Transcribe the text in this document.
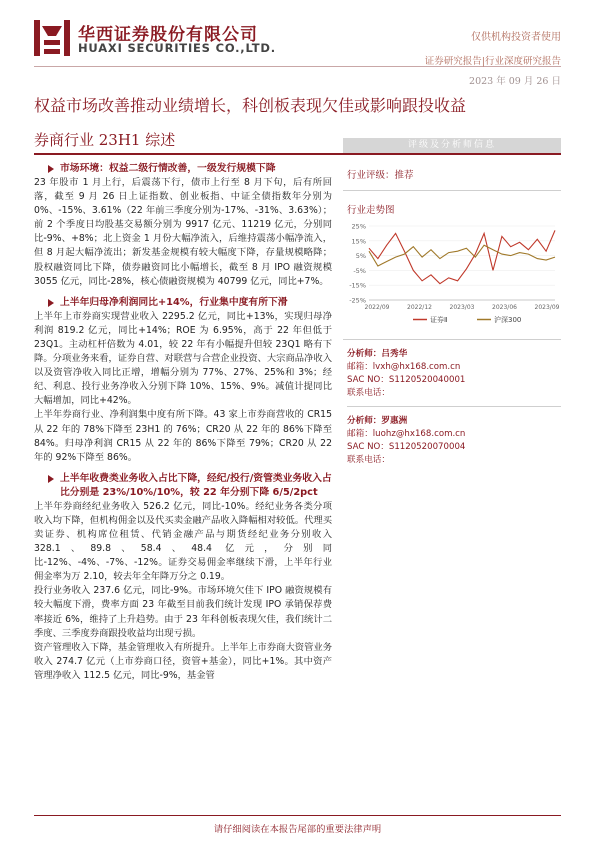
华西证券股份有限公司
HUAXI SECURITIES CO.,LTD.
仅供机构投资者使用
证券研究报告|行业深度研究报告
2023 年 09 月 26 日
权益市场改善推动业绩增长，科创板表现欠佳或影响跟投收益
券商行业 23H1 综述
市场环境：权益二级行情改善，一级发行规模下降

23 年股市 1 月上行，后震荡下行，债市上行至 8 月下旬，后有所回落，截至 9 月 26 日上证指数、创业板指、中证全债指数年分别为 0%、-15%、3.61%（22 年前三季度分别为-17%、-31%、3.63%）；前 2 个季度日均股基交易额分别为 9917 亿元、11219 亿元，分别同比-9%、+8%；北上资金 1 月份大幅净流入，后维持震荡小幅净流入，但 8 月起大幅净流出；新发基金规模有较大幅度下降，存量规模略降；股权融资同比下降，债券融资同比小幅增长，截至 8 月 IPO 融资规模 3055 亿元，同比-28%，核心债融资规模为 40799 亿元，同比+7%。

上半年归母净利润同比+14%，行业集中度有所下滑

上半年上市券商实现营业收入 2295.2 亿元，同比+13%，实现归母净利润 819.2 亿元，同比+14%；ROE 为 6.95%，高于 22 年但低于 23Q1。主动杠杆倍数为 4.01，较 22 年有小幅提升但较 23Q1 略有下降。分项业务来看，证券自营、对联营与合营企业投资、大宗商品净收入以及资管净收入同比正增，增幅分别为 77%、27%、25%和 3%；经纪、利息、投行业务净收入分别下降 10%、15%、9%。减值计提同比大幅增加，同比+42%。

上半年券商行业、净利润集中度有所下降。43 家上市券商营收的 CR15 从 22 年的 78%下降至 23H1 的 76%；CR20 从 22 年的 86%下降至 84%。归母净利润 CR15 从 22 年的 86%下降至 79%；CR20 从 22 年的 92%下降至 86%。

上半年收费类业务收入占比下降，经纪/投行/资管类业务收入占比分别是 23%/10%/10%，较 22 年分别下降 6/5/2pct

上半年券商经纪业务收入 526.2 亿元，同比-10%。经纪业务各类分项收入均下降，但机构佣金以及代买卖金融产品收入降幅相对较低。代理买卖证券、机构席位租赁、代销金融产品与期货经纪业务分别收入 328.1、89.8、58.4、48.4 亿元，分别同比-12%、-4%、-7%、-12%。证券交易佣金率继续下滑，上半年行业佣金率为万 2.10，较去年全年降万分之 0.19。

投行业务收入 237.6 亿元，同比-9%。市场环境欠佳下 IPO 融资规模有较大幅度下滑，费率方面 23 年截至目前我们统计发现 IPO 承销保荐费率接近 6%，维持了上升趋势。由于 23 年科创板表现欠佳，我们统计二季度、三季度券商跟投收益均出现亏损。

资产管理收入下降，基金管理收入有所提升。上半年上市券商大资管业务收入 274.7 亿元（上市券商口径，资管+基金），同比+1%。其中资产管理净收入 112.5 亿元，同比-9%，基金管

评级及分析师信息
行业评级：推荐
行业走势图
25%
15%
5%
-5%
-15%
-25%
2022/09	2022/12	2023/03	2023/06	2023/09
证券Ⅱ	沪深300
分析师：吕秀华
邮箱：lvxh@hx168.com.cn
SAC NO：S1120520040001
联系电话：
分析师：罗惠洲
邮箱：luohz@hx168.com.cn
SAC NO：S1120520070004
联系电话：
请仔细阅读在本报告尾部的重要法律声明
